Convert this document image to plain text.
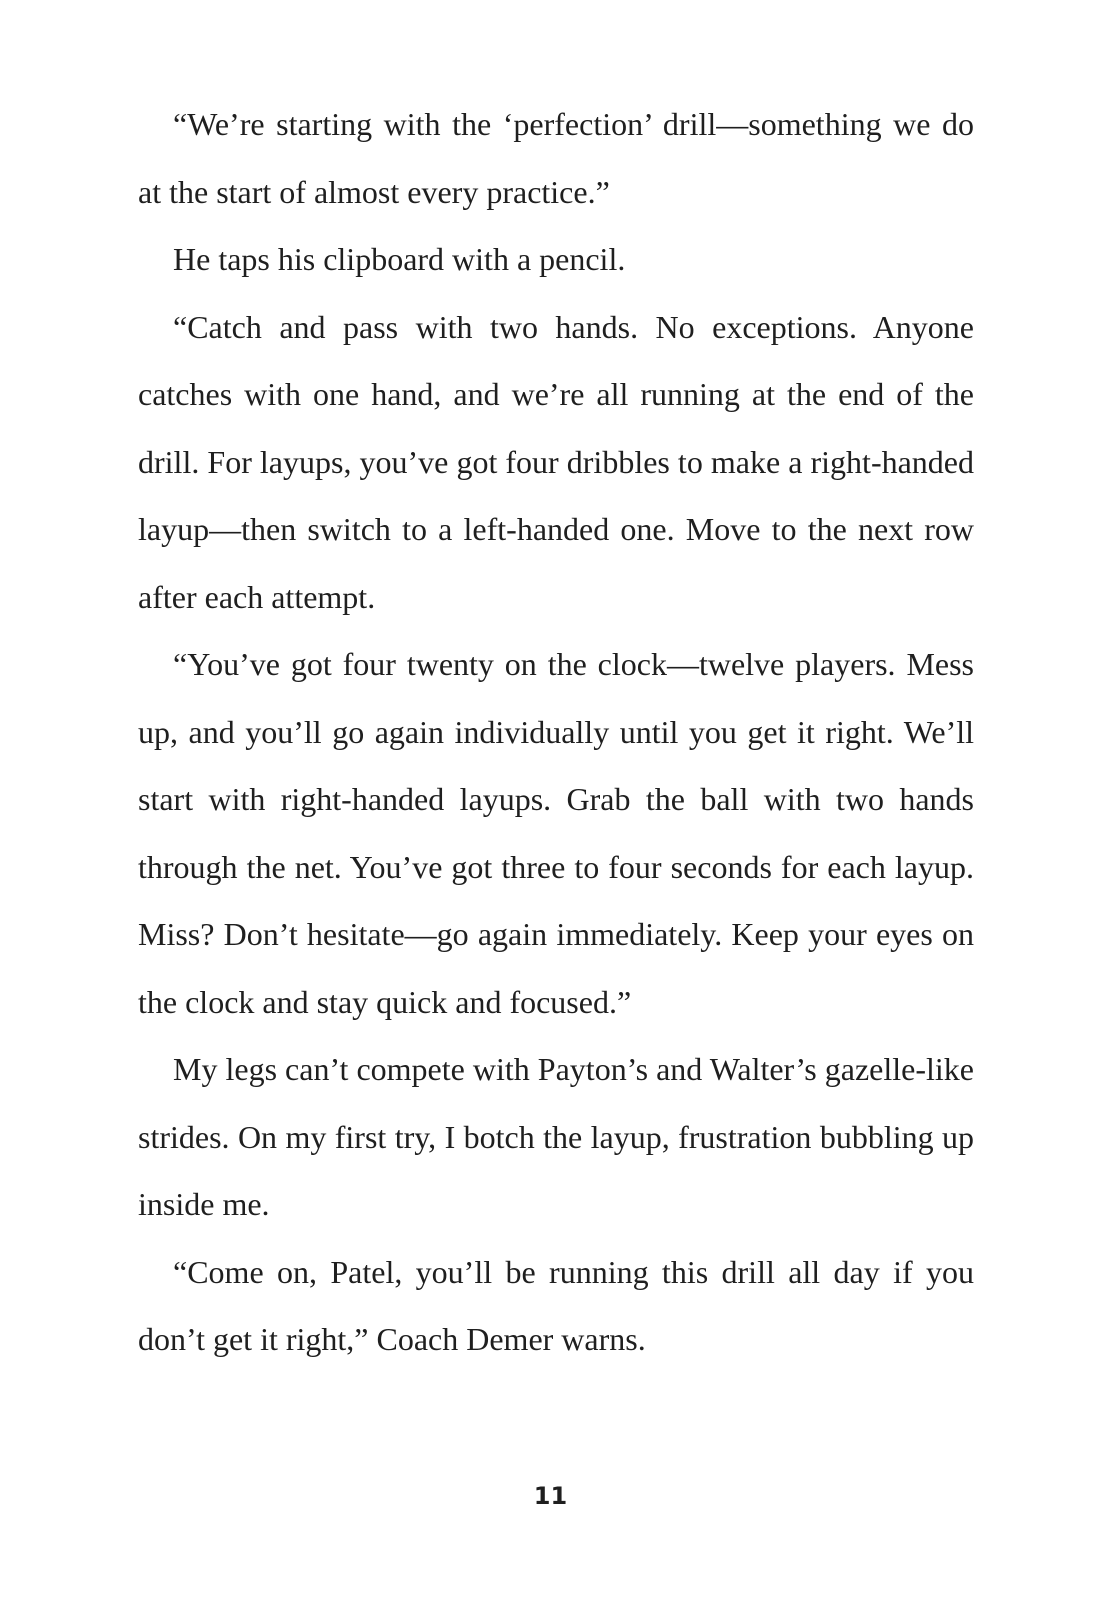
“We’re starting with the ‘perfection’ drill—something we do at the start of almost every practice.”

He taps his clipboard with a pencil.

“Catch and pass with two hands. No exceptions. Anyone catches with one hand, and we’re all running at the end of the drill. For layups, you’ve got four dribbles to make a right-handed layup—then switch to a left-handed one. Move to the next row after each attempt.

“You’ve got four twenty on the clock—twelve players. Mess up, and you’ll go again individually until you get it right. We’ll start with right-handed layups. Grab the ball with two hands through the net. You’ve got three to four seconds for each layup. Miss? Don’t hesitate—go again immediately. Keep your eyes on the clock and stay quick and focused.”

My legs can’t compete with Payton’s and Walter’s gazelle-like strides. On my first try, I botch the layup, frustration bubbling up inside me.

“Come on, Patel, you’ll be running this drill all day if you don’t get it right,” Coach Demer warns.

11
